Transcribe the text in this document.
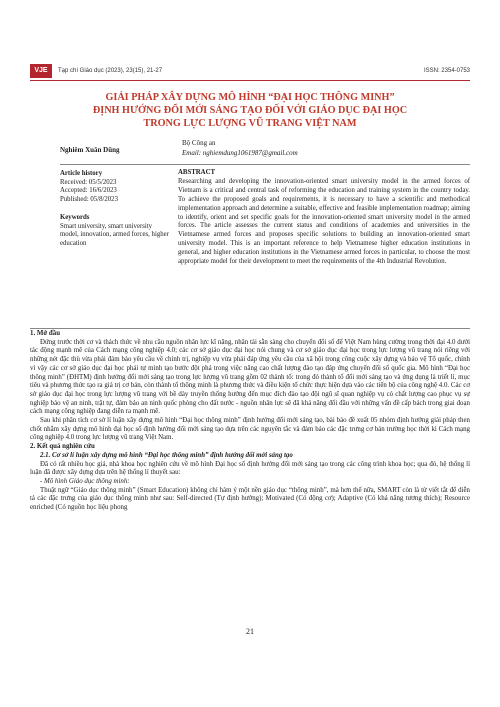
VJE	Tạp chí Giáo dục (2023), 23(15), 21-27	ISSN: 2354-0753
GIẢI PHÁP XÂY DỰNG MÔ HÌNH “ĐẠI HỌC THÔNG MINH”
ĐỊNH HƯỚNG ĐỔI MỚI SÁNG TẠO ĐỐI VỚI GIÁO DỤC ĐẠI HỌC
TRONG LỰC LƯỢNG VŨ TRANG VIỆT NAM
Nghiêm Xuân Dũng
Bộ Công an
Email: nghiemdung1061987@gmail.com
Article history
Received: 05/5/2023
Accepted: 16/6/2023
Published: 05/8/2023
Keywords
Smart university, smart university model, innovation, armed forces, higher education
ABSTRACT
Researching and developing the innovation-oriented smart university model in the armed forces of Vietnam is a critical and central task of reforming the education and training system in the country today. To achieve the proposed goals and requirements, it is necessary to have a scientific and methodical implementation approach and determine a suitable, effective and feasible implementation roadmap; aiming to identify, orient and set specific goals for the innovation-oriented smart university model in the armed forces. The article assesses the current status and conditions of academies and universities in the Vietnamese armed forces and proposes specific solutions to building an innovation-oriented smart university model. This is an important reference to help Vietnamese higher education institutions in general, and higher education institutions in the Vietnamese armed forces in particular, to choose the most appropriate model for their development to meet the requirements of the 4th Industrial Revolution.

1. Mở đầu

Đứng trước thời cơ và thách thức về nhu cầu nguồn nhân lực kĩ năng, nhân tài sẵn sàng cho chuyển đổi số để Việt Nam hùng cường trong thời đại 4.0 dưới tác động mạnh mẽ của Cách mạng công nghiệp 4.0; các cơ sở giáo dục đại học nói chung và cơ sở giáo dục đại học trong lực lượng vũ trang nói riêng với những nét đặc thù vừa phải đảm bảo yêu cầu về chính trị, nghiệp vụ vừa phải đáp ứng yêu cầu của xã hội trong công cuộc xây dựng và bảo vệ Tổ quốc, chính vì vậy các cơ sở giáo dục đại học phải tự mình tạo bước đột phá trong việc nâng cao chất lượng đào tạo đáp ứng chuyển đổi số quốc gia. Mô hình “Đại học thông minh” (ĐHTM) định hướng đổi mới sáng tạo trong lực lượng vũ trang gồm 02 thành tố: trong đó thành tố đổi mới sáng tạo và ứng dụng là triết lí, mục tiêu và phương thức tạo ra giá trị cơ bản, còn thành tố thông minh là phương thức và điều kiện tổ chức thực hiện dựa vào các tiến bộ của công nghệ 4.0. Các cơ sở giáo dục đại học trong lực lượng vũ trang với bề dày truyền thống hướng đến mục đích đào tạo đội ngũ sĩ quan nghiệp vụ có chất lượng cao phục vụ sự nghiệp bảo vệ an ninh, trật tự, đảm bảo an ninh quốc phòng cho đất nước - nguồn nhân lực sẽ đã khá năng đối đầu với những vấn đề cấp bách trong giai đoạn cách mạng công nghiệp đang diễn ra mạnh mẽ.

Sau khi phân tích cơ sở lí luận xây dựng mô hình “Đại học thông minh” định hướng đổi mới sáng tạo, bài báo đề xuất 05 nhóm định hướng giải pháp then chốt nhằm xây dựng mô hình đại học số định hướng đổi mới sáng tạo dựa trên các nguyên tắc và đảm bảo các đặc trưng cơ bản trường học thời kì Cách mạng công nghiệp 4.0 trong lực lượng vũ trang Việt Nam.

2. Kết quả nghiên cứu

2.1. Cơ sở lí luận xây dựng mô hình “Đại học thông minh” định hướng đổi mới sáng tạo

Đã có rất nhiều học giả, nhà khoa học nghiên cứu về mô hình Đại học số định hướng đổi mới sáng tạo trong các công trình khoa học; qua đó, hệ thống lí luận đã được xây dựng dựa trên hệ thống lí thuyết sau:

- Mô hình Giáo dục thông minh:

Thuật ngữ “Giáo dục thông minh” (Smart Education) không chỉ hàm ý một nền giáo dục “thông minh”, mà hơn thế nữa, SMART còn là từ viết tắt để diễn tả các đặc trưng của giáo dục thông minh như sau: Self-directed (Tự định hướng); Motivated (Có động cơ); Adaptive (Có khả năng tương thích); Resource enriched (Có nguồn học liệu phong

21
